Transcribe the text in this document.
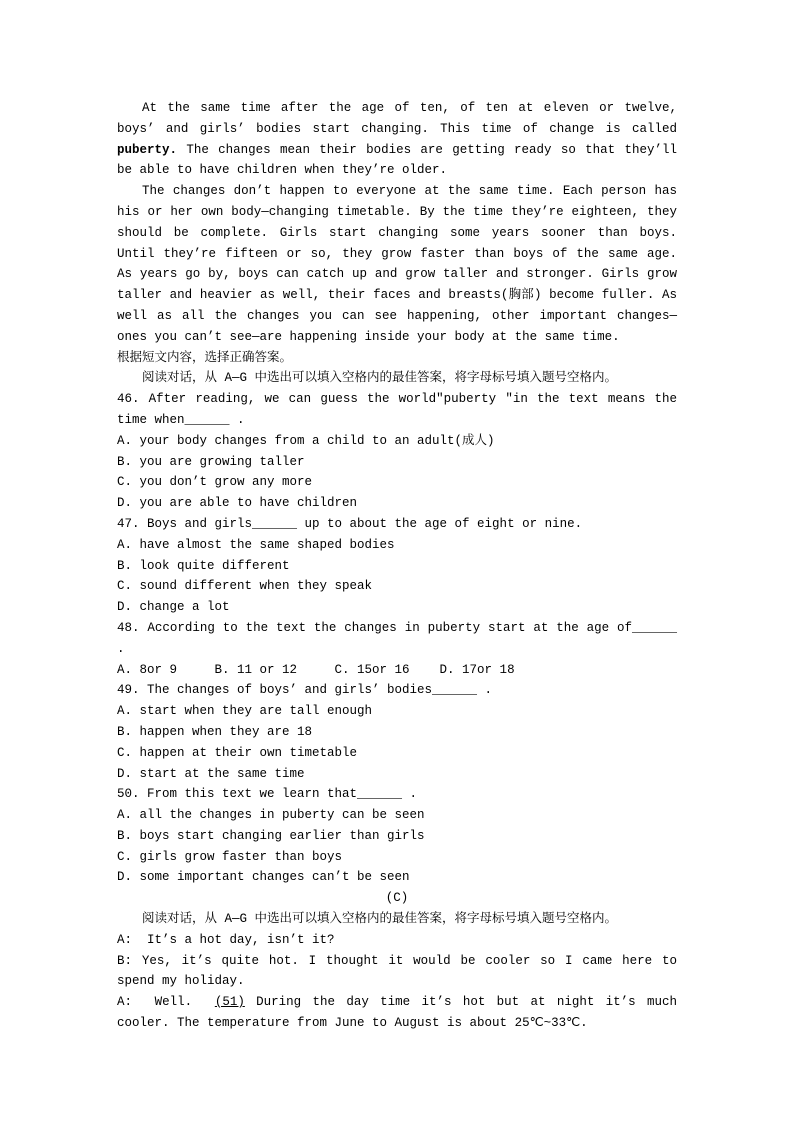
At the same time after the age of ten, of ten at eleven or twelve, boys’ and girls’ bodies start changing. This time of change is called puberty. The changes mean their bodies are getting ready so that they’ll be able to have children when they’re older.

The changes don’t happen to everyone at the same time. Each person has his or her own body—changing timetable. By the time they’re eighteen, they should be complete. Girls start changing some years sooner than boys. Until they’re fifteen or so, they grow faster than boys of the same age. As years go by, boys can catch up and grow taller and stronger. Girls grow taller and heavier as well, their faces and breasts(胸部) become fuller. As well as all the changes you can see happening, other important changes—ones you can’t see—are happening inside your body at the same time.

根据短文内容，选择正确答案。

阅读对话，从 A—G 中选出可以填入空格内的最佳答案，将字母标号填入题号空格内。

46. After reading, we can guess the world″puberty ″in the text means the time when______ .

A. your body changes from a child to an adult(成人)

B. you are growing taller

C. you don’t grow any more

D. you are able to have children

47. Boys and girls______ up to about the age of eight or nine.

A. have almost the same shaped bodies

B. look quite different

C. sound different when they speak

D. change a lot

48. According to the text the changes in puberty start at the age of______ .

A. 8or 9     B. 11 or 12     C. 15or 16    D. 17or 18

49. The changes of boys’ and girls’ bodies______ .

A. start when they are tall enough

B. happen when they are 18

C. happen at their own timetable

D. start at the same time

50. From this text we learn that______ .

A. all the changes in puberty can be seen

B. boys start changing earlier than girls

C. girls grow faster than boys

D. some important changes can’t be seen

(C)

阅读对话，从 A—G 中选出可以填入空格内的最佳答案，将字母标号填入题号空格内。

A:  It’s a hot day, isn’t it?

B: Yes, it’s quite hot. I thought it would be cooler so I came here to spend my holiday.

A:  Well.  (51) During the day time it’s hot but at night it’s much cooler. The temperature from June to August is about 25℃~33℃.
